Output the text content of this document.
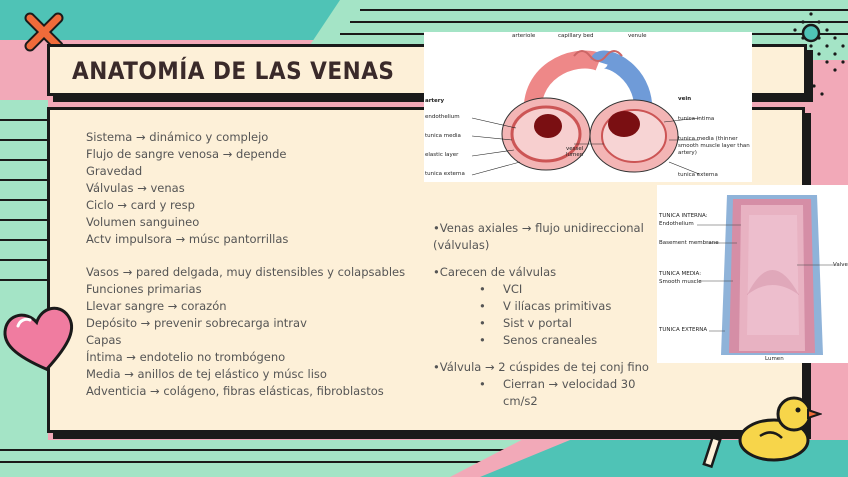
ANATOMÍA DE LAS VENAS

Sistema → dinámico y complejo

Flujo de sangre venosa → depende

Gravedad

Válvulas → venas

Ciclo → card y resp

Volumen sanguineo

Actv impulsora → músc pantorrillas

Vasos → pared delgada, muy distensibles y colapsables

Funciones primarias

Llevar sangre → corazón

Depósito → prevenir sobrecarga intrav

Capas

Íntima → endotelio no trombógeno

Media → anillos de tej elástico y músc liso

Adventicia → colágeno, fibras elásticas, fibroblastos

•Venas axiales → flujo unidireccional (válvulas)

•Carecen de válvulas

• VCI

• V ilíacas primitivas

• Sist v portal

• Senos craneales

•Válvula → 2 cúspides de tej conj fino

• Cierran → velocidad 30 cm/s2

arteriole	capillary bed	venule
artery
endothelium
tunica media
elastic layer
tunica externa
vessel lumen
vein
tunica intima
tunica media (thinner smooth muscle layer than artery)
tunica externa
TUNICA INTERNA:
Endothelium
Basement membrane
TUNICA MEDIA:
Smooth muscle
TUNICA EXTERNA
Valve
Lumen
